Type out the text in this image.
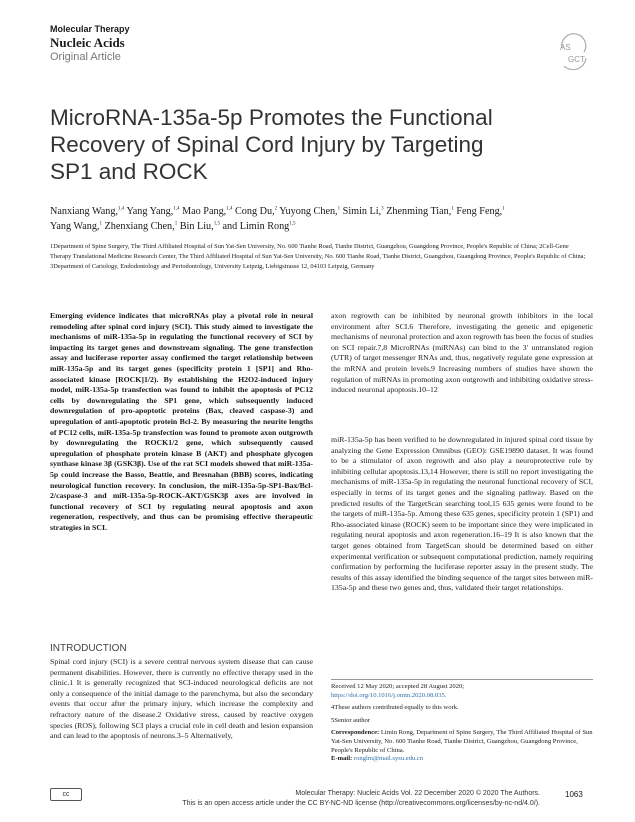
Molecular Therapy
Nucleic Acids
Original Article
AS
GCT
MicroRNA-135a-5p Promotes the Functional Recovery of Spinal Cord Injury by Targeting SP1 and ROCK
Nanxiang Wang,$^{1,4}$ Yang Yang,$^{1,4}$ Mao Pang,$^{1,4}$ Cong Du,$^2$ Yuyong Chen,$^1$ Simin Li,$^3$ Zhenming Tian,$^1$ Feng Feng,$^1$
Yang Wang,$^1$ Zhenxiang Chen,$^1$ Bin Liu,$^{1,5}$ and Limin Rong$^{1,5}$
1Department of Spine Surgery, The Third Affiliated Hospital of Sun Yat-Sen University, No. 600 Tianhe Road, Tianhe District, Guangzhou, Guangdong Province, People's Republic of China; 2Cell-Gene Therapy Translational Medicine Research Center, The Third Affiliated Hospital of Sun Yat-Sen University, No. 600 Tianhe Road, Tianhe District, Guangzhou, Guangdong Province, People's Republic of China; 3Department of Cariology, Endodontology and Periodontology, University Leipzig, Liebigstrasse 12, 04103 Leipzig, Germany
Emerging evidence indicates that microRNAs play a pivotal role in neural remodeling after spinal cord injury (SCI). This study aimed to investigate the mechanisms of miR-135a-5p in regulating the functional recovery of SCI by impacting its target genes and downstream signaling. The gene transfection assay and luciferase reporter assay confirmed the target relationship between miR-135a-5p and its target genes (specificity protein 1 [SP1] and Rho-associated kinase [ROCK]1/2). By establishing the H2O2-induced injury model, miR-135a-5p transfection was found to inhibit the apoptosis of PC12 cells by downregulating the SP1 gene, which subsequently induced downregulation of pro-apoptotic proteins (Bax, cleaved caspase-3) and upregulation of anti-apoptotic protein Bcl-2. By measuring the neurite lengths of PC12 cells, miR-135a-5p transfection was found to promote axon outgrowth by downregulating the ROCK1/2 gene, which subsequently caused upregulation of phosphate protein kinase B (AKT) and phosphate glycogen synthase kinase 3β (GSK3β). Use of the rat SCI models showed that miR-135a-5p could increase the Basso, Beattie, and Bresnahan (BBB) scores, indicating neurological function recovery. In conclusion, the miR-135a-5p-SP1-Bax/Bcl-2/caspase-3 and miR-135a-5p-ROCK-AKT/GSK3β axes are involved in functional recovery of SCI by regulating neural apoptosis and axon regeneration, respectively, and thus can be promising effective therapeutic strategies in SCI.
axon regrowth can be inhibited by neuronal growth inhibitors in the local environment after SCI.6 Therefore, investigating the genetic and epigenetic mechanisms of neuronal protection and axon regrowth has been the focus of studies on SCI repair.7,8 MicroRNAs (miRNAs) can bind to the 3′ untranslated region (UTR) of target messenger RNAs and, thus, negatively regulate gene expression at the mRNA and protein levels.9 Increasing numbers of studies have shown the regulation of miRNAs in promoting axon outgrowth and inhibiting oxidative stress-induced neuronal apoptosis.10–12
miR-135a-5p has been verified to be downregulated in injured spinal cord tissue by analyzing the Gene Expression Omnibus (GEO): GSE19890 dataset. It was found to be a stimulator of axon regrowth and also play a neuroprotective role by inhibiting cellular apoptosis.13,14 However, there is still no report investigating the mechanisms of miR-135a-5p in regulating the neuronal functional recovery of SCI, especially in terms of its target genes and the signaling pathway. Based on the predicted results of the TargetScan searching tool,15 635 genes were found to be the targets of miR-135a-5p. Among these 635 genes, specificity protein 1 (SP1) and Rho-associated kinase (ROCK) seem to be important since they were implicated in regulating neural apoptosis and axon regeneration.16–19 It is also known that the target genes obtained from TargetScan should be determined based on either experimental verification or subsequent computational prediction, namely requiring confirmation by performing the luciferase reporter assay in the present study. The results of this assay identified the binding sequence of the target sites between miR-135a-5p and these two genes and, thus, validated their target relationships.
INTRODUCTION
Spinal cord injury (SCI) is a severe central nervous system disease that can cause permanent disabilities. However, there is currently no effective therapy used in the clinic.1 It is generally recognized that SCI-induced neurological deficits are not only a consequence of the initial damage to the parenchyma, but also the secondary events that occur after the primary injury, which increase the complexity and refractory nature of the disease.2 Oxidative stress, caused by reactive oxygen species (ROS), following SCI plays a crucial role in cell death and lesion expansion and can lead to the apoptosis of neurons.3–5 Alternatively,
Received 12 May 2020; accepted 28 August 2020;
https://doi.org/10.1016/j.omtn.2020.08.035.
4These authors contributed equally to this work.
5Senior author
Correspondence: Limin Rong, Department of Spine Surgery, The Third Affiliated Hospital of Sun Yat-Sen University, No. 600 Tianhe Road, Tianhe District, Guangzhou, Guangdong Province, People's Republic of China.
E-mail: ronglm@mail.sysu.edu.cn
cc	Molecular Therapy: Nucleic Acids Vol. 22 December 2020 © 2020 The Authors.
This is an open access article under the CC BY-NC-ND license (http://creativecommons.org/licenses/by-nc-nd/4.0/).
1063
